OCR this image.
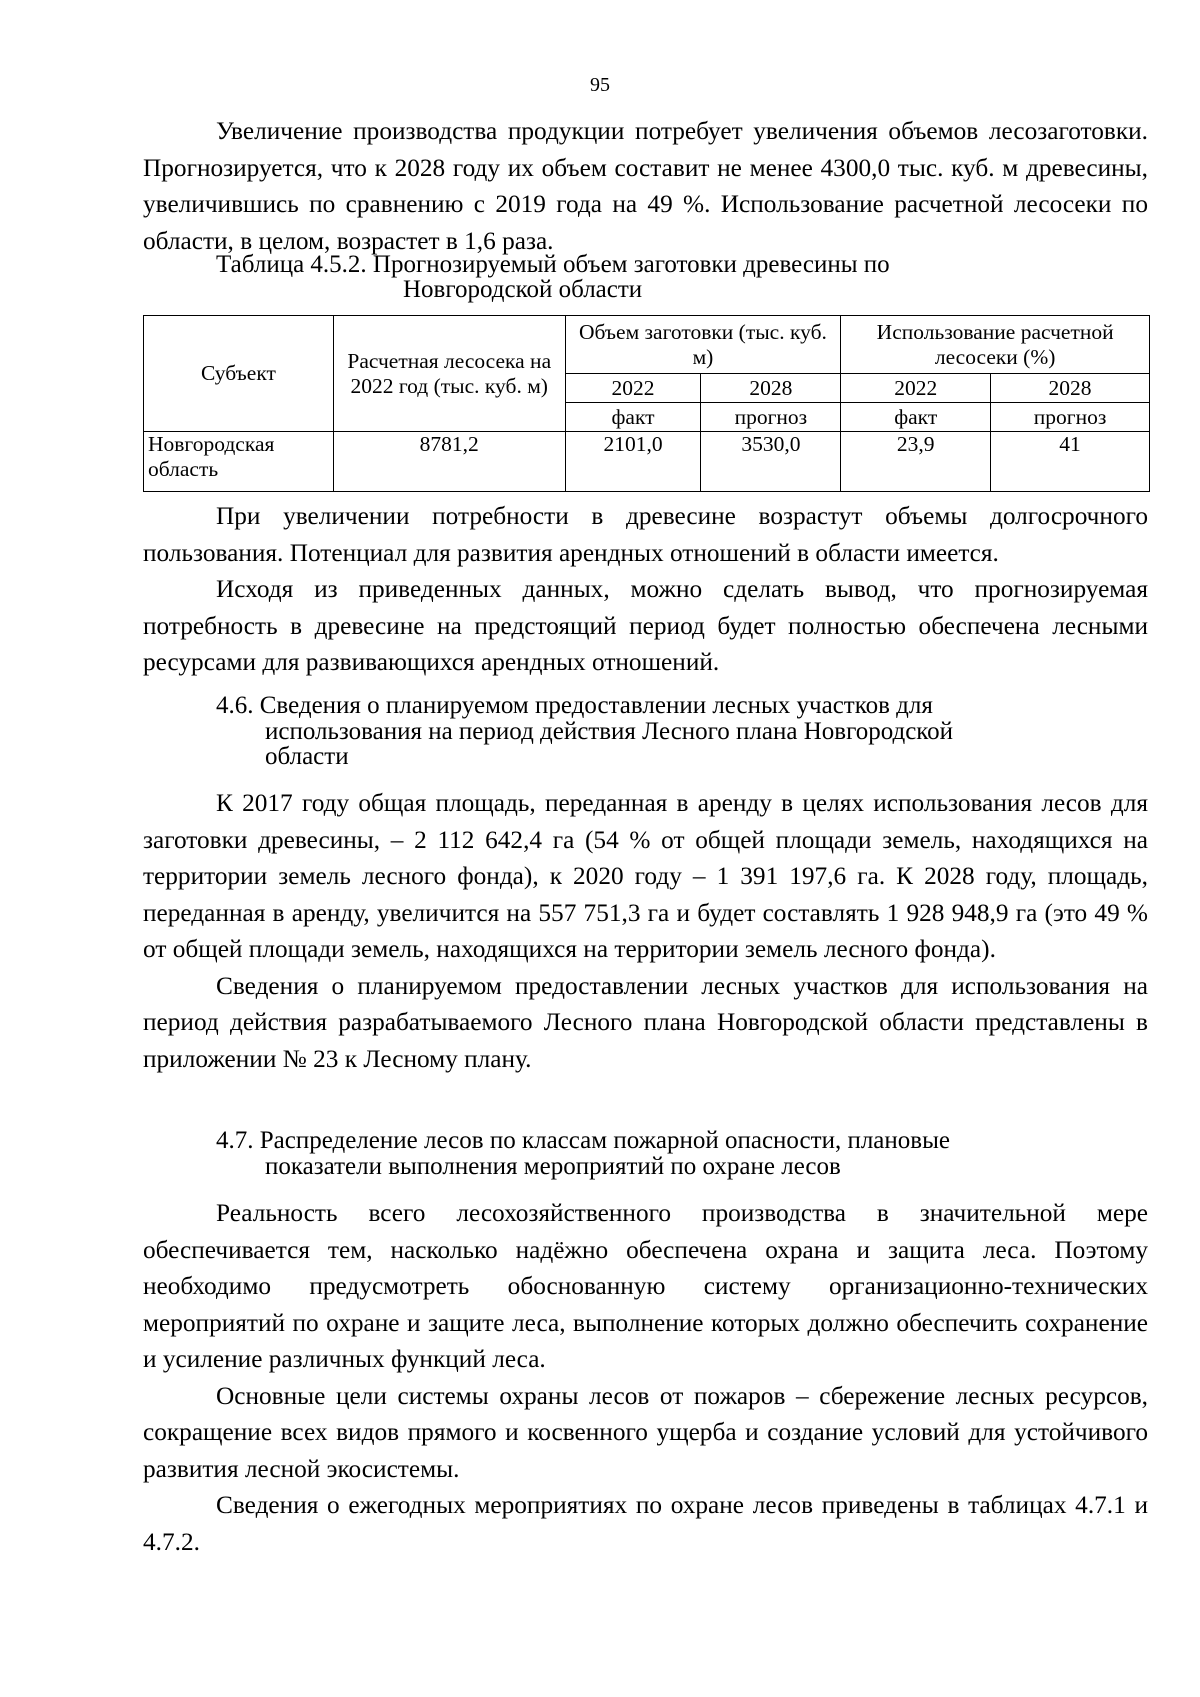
95

Увеличение производства продукции потребует увеличения объемов лесозаготовки. Прогнозируется, что к 2028 году их объем составит не менее 4300,0 тыс. куб. м древесины, увеличившись по сравнению с 2019 года на 49 %. Использование расчетной лесосеки по области, в целом, возрастет в 1,6 раза.

Таблица 4.5.2. Прогнозируемый объем заготовки древесины по
Новгородской области

Субъект	Расчетная лесосека на 2022 год (тыс. куб. м)	Объем заготовки (тыс. куб. м)		Использование расчетной лесосеки (%)	
		2022	2028	2022	2028
		факт	прогноз	факт	прогноз
Новгородская область	8781,2	2101,0	3530,0	23,9	41

При увеличении потребности в древесине возрастут объемы долгосрочного пользования. Потенциал для развития арендных отношений в области имеется.

Исходя из приведенных данных, можно сделать вывод, что прогнозируемая потребность в древесине на предстоящий период будет полностью обеспечена лесными ресурсами для развивающихся арендных отношений.

4.6. Сведения о планируемом предоставлении лесных участков для
использования на период действия Лесного плана Новгородской
области

К 2017 году общая площадь, переданная в аренду в целях использования лесов для заготовки древесины, – 2 112 642,4 га (54 % от общей площади земель, находящихся на территории земель лесного фонда), к 2020 году – 1 391 197,6 га. К 2028 году, площадь, переданная в аренду, увеличится на 557 751,3 га и будет составлять 1 928 948,9 га (это 49 % от общей площади земель, находящихся на территории земель лесного фонда).

Сведения о планируемом предоставлении лесных участков для использования на период действия разрабатываемого Лесного плана Новгородской области представлены в приложении № 23 к Лесному плану.

4.7. Распределение лесов по классам пожарной опасности, плановые
показатели выполнения мероприятий по охране лесов

Реальность всего лесохозяйственного производства в значительной мере обеспечивается тем, насколько надёжно обеспечена охрана и защита леса. Поэтому необходимо предусмотреть обоснованную систему организационно-технических мероприятий по охране и защите леса, выполнение которых должно обеспечить сохранение и усиление различных функций леса.

Основные цели системы охраны лесов от пожаров – сбережение лесных ресурсов, сокращение всех видов прямого и косвенного ущерба и создание условий для устойчивого развития лесной экосистемы.

Сведения о ежегодных мероприятиях по охране лесов приведены в таблицах 4.7.1 и 4.7.2.
